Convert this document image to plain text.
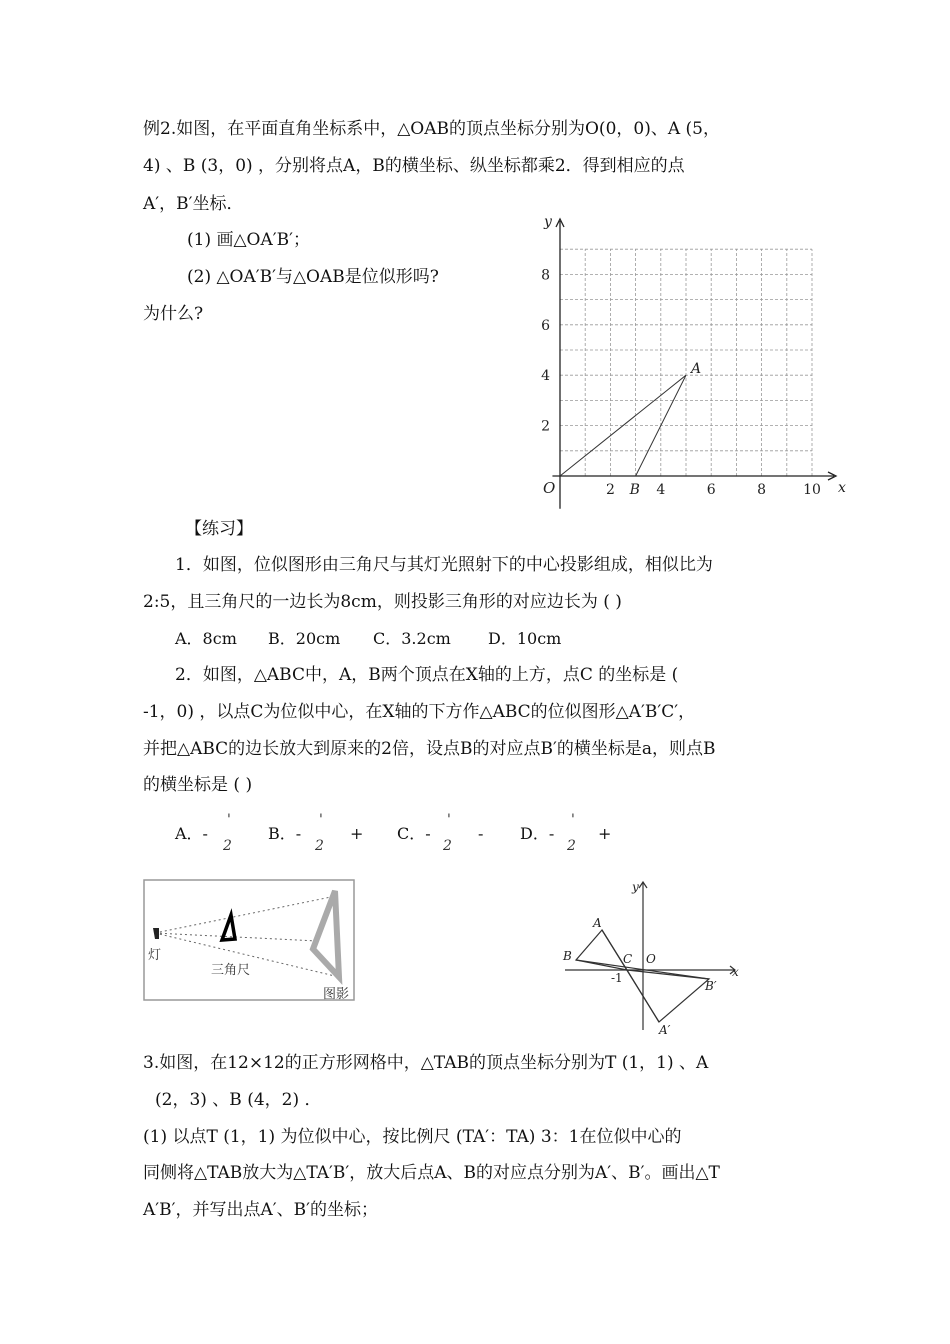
例2.如图，在平面直角坐标系中，△OAB的顶点坐标分别为O(0，0)、A (5，
4) 、B (3，0) ，分别将点A，B的横坐标、纵坐标都乘2．得到相应的点
A′，B′坐标．
(1) 画△OA′B′；
(2) △OA′B′与△OAB是位似形吗?
为什么?
x
y
O	2	4	6	8	10
2
4
6
8
A
B
【练习】
1．如图，位似图形由三角尺与其灯光照射下的中心投影组成，相似比为
2:5，且三角尺的一边长为8cm，则投影三角形的对应边长为 ( )
A．8cm B．20cm C．3.2cm D．10cm
2．如图，△ABC中，A，B两个顶点在X轴的上方，点C 的坐标是 (
-1，0) ，以点C为位似中心，在X轴的下方作△ABC的位似图形△A′B′C′，
并把△ABC的边长放大到原来的2倍，设点B的对应点B′的横坐标是a，则点B
的横坐标是 ( )
A．-
'
2
B．-
'
2
+ C．-
'
2
- D．-
'
2
+
灯
三角尺
图影
y
x
A
B	C O
-1
B′
A′
3.如图，在12×12的正方形网格中，△TAB的顶点坐标分别为T (1，1) 、A
(2，3) 、B (4，2) ．
(1) 以点T (1，1) 为位似中心，按比例尺 (TA′：TA) 3：1在位似中心的
同侧将△TAB放大为△TA′B′，放大后点A、B的对应点分别为A′、B′。画出△T
A′B′，并写出点A′、B′的坐标；
